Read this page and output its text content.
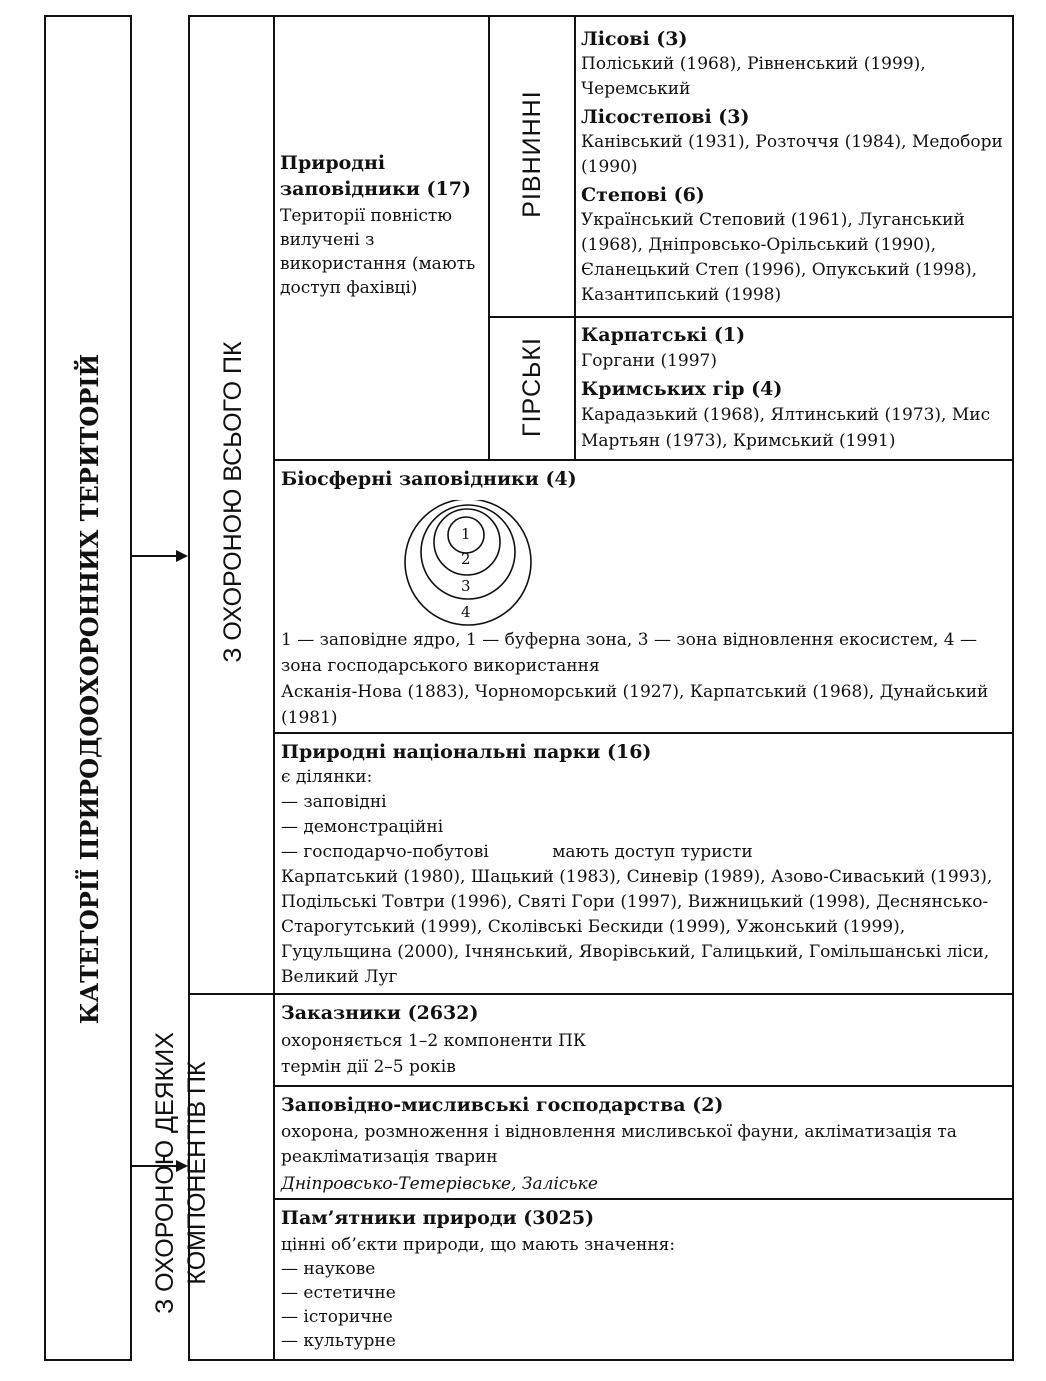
КАТЕГОРІЇ ПРИРОДООХОРОННИХ ТЕРИТОРІЙ	З ОХОРОНОЮ ВСЬОГО ПК
З ОХОРОНОЮ ДЕЯКИХ КОМПОНЕНТІВ ПК

Природні заповідники (17)

Території повністю вилучені з використання (мають доступ фахівці)

РІВНИННІ
ГІРСЬКІ

Лісові (3)

Поліський (1968), Рівненський (1999), Черемський

Лісостепові (3)

Канівський (1931), Розточчя (1984), Медобори (1990)

Степові (6)

Український Степовий (1961), Луганський (1968), Дніпровсько-Орільський (1990), Єланецький Степ (1996), Опукський (1998), Казантипський (1998)

Карпатські (1)

Горгани (1997)

Кримських гір (4)

Карадазький (1968), Ялтинський (1973), Мис Мартьян (1973), Кримський (1991)

Біосферні заповідники (4)

1
2
3
4

1 — заповідне ядро, 1 — буферна зона, 3 — зона відновлення екосистем, 4 — зона господарського використання

Асканія-Нова (1883), Чорноморський (1927), Карпатський (1968), Дунайський (1981)

Природні національні парки (16)

є ділянки:

— заповідні

— демонстраційні

— господарчо-побутові	мають доступ туристи

Карпатський (1980), Шацький (1983), Синевір (1989), Азово-Сиваський (1993), Подільські Товтри (1996), Святі Гори (1997), Вижницький (1998), Деснянсько-Старогутський (1999), Сколівські Бескиди (1999), Ужонський (1999), Гуцульщина (2000), Ічнянський, Яворівський, Галицький, Гомільшанські ліси, Великий Луг

Заказники (2632)

охороняється 1–2 компоненти ПК

термін дії 2–5 років

Заповідно-мисливські господарства (2)

охорона, розмноження і відновлення мисливської фауни, акліматизація та реакліматизація тварин

Дніпровсько-Тетерівське, Заліське

Пам’ятники природи (3025)

цінні об’єкти природи, що мають значення:

— наукове

— естетичне

— історичне

— культурне
